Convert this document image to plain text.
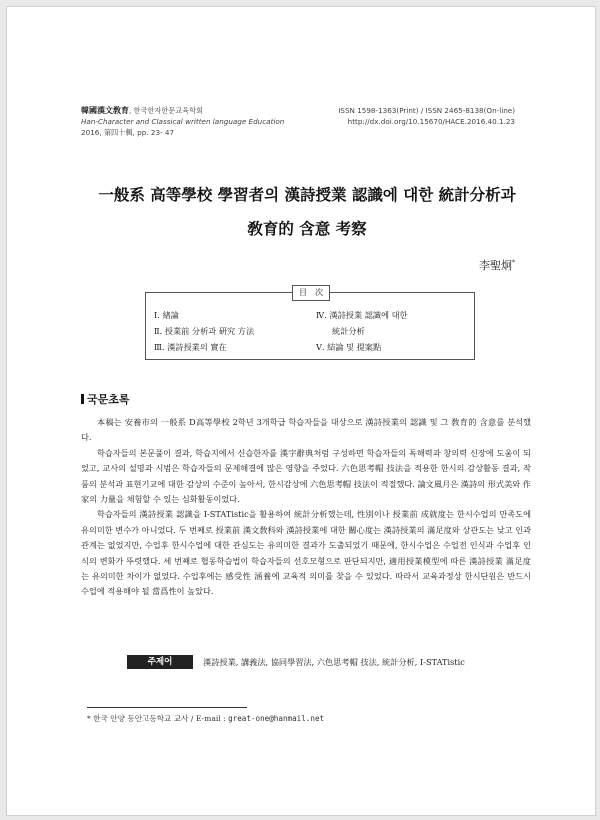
韓國漢文敎育, 한국한자한문교육학회
Han-Character and Classical written language Education
2016, 第四十輯, pp. 23- 47
ISSN 1598-1363(Print) / ISSN 2465-8138(On-line)
http://dx.doi.org/10.15670/HACE.2016.40.1.23
一般系 高等學校 學習者의 漢詩授業 認識에 대한 統計分析과
敎育的 含意 考察
李聖炯*
目　次
Ⅰ. 緖論
Ⅱ. 授業前 分析과 硏究 方法
Ⅲ. 漢詩授業의 實在
Ⅳ. 漢詩授業 認識에 대한
統計分析
Ⅴ. 結論 및 提案點
국문초록

本稿는 安養市의 一般系 D高等學校 2학년 3개학급 학습자들을 대상으로 漢詩授業의 認識 및 그 敎育的 含意를 분석했다.

학습자들의 본문풀이 결과, 학습지에서 신습한자를 漢字辭典처럼 구성하면 학습자들의 독해력과 창의력 신장에 도움이 되었고, 교사의 설명과 시범은 학습자들의 문제해결에 많은 영향을 주었다. 六色思考帽 技法을 적용한 한시의 감상활동 결과, 작품의 분석과 표현기교에 대한 감상의 수준이 높아서, 한시감상에 六色思考帽 技法이 적절했다. 論文風月은 漢詩의 形式美와 作家의 力量을 체험할 수 있는 심화활동이었다.

학습자들의 漢詩授業 認識을 I-STATistic을 활용하여 統計分析했는데, 性別이나 授業前 成就度는 한시수업의 만족도에 유의미한 변수가 아니었다. 두 번째로 授業前 漢文敎科와 漢詩授業에 대한 關心度는 漢詩授業의 滿足度와 상관도는 낮고 인과관계는 없었지만, 수업후 한시수업에 대한 관심도는 유의미한 결과가 도출되었기 때문에, 한시수업은 수업전 인식과 수업후 인식의 변화가 뚜렷했다. 세 번째로 협동학습법이 학습자들의 선호모형으로 판단되지만, 適用授業模型에 따른 漢詩授業 滿足度는 유의미한 차이가 없었다. 수업후에는 感受性 涵養에 교육적 의미를 찾을 수 있었다. 따라서 교육과정상 한시단원은 반드시 수업에 적용해야 될 當爲性이 높았다.

주제어	漢詩授業, 講義法, 協同學習法, 六色思考帽 技法, 統計分析, I-STATistic
* 한국 안양 동안고등학교 교사 / E-mail : great-one@hanmail.net
